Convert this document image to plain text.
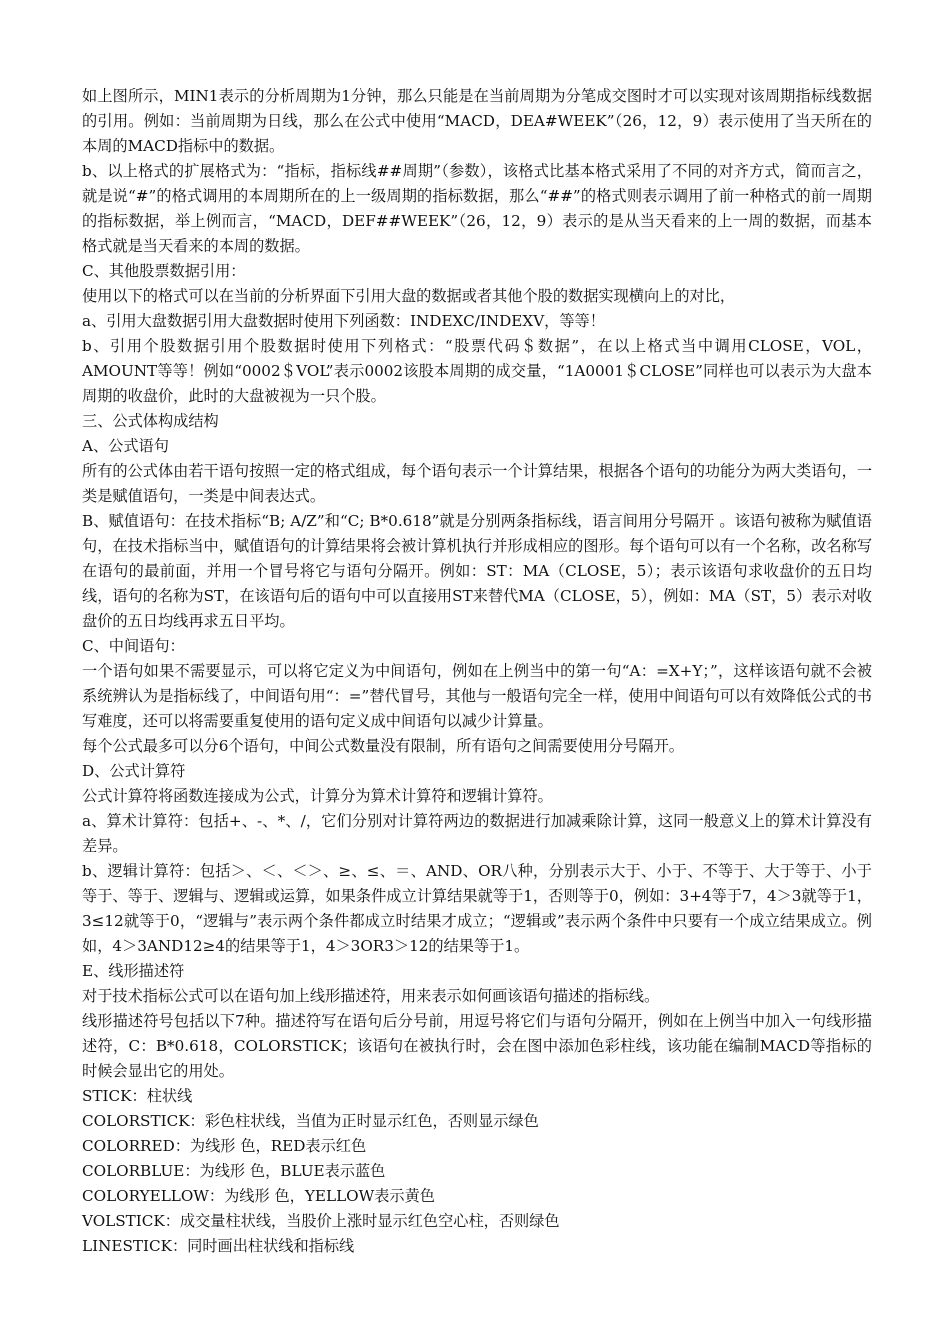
如上图所示，MIN1表示的分析周期为1分钟，那么只能是在当前周期为分笔成交图时才可以实现对该周期指标线数据的引用。例如：当前周期为日线，那么在公式中使用“MACD，DEA#WEEK”（26，12，9）表示使用了当天所在的本周的MACD指标中的数据。

b、以上格式的扩展格式为：“指标，指标线##周期”（参数），该格式比基本格式采用了不同的对齐方式，简而言之，就是说“#”的格式调用的本周期所在的上一级周期的指标数据，那么“##”的格式则表示调用了前一种格式的前一周期的指标数据，举上例而言，“MACD，DEF##WEEK”（26，12，9）表示的是从当天看来的上一周的数据，而基本格式就是当天看来的本周的数据。

C、其他股票数据引用：

使用以下的格式可以在当前的分析界面下引用大盘的数据或者其他个股的数据实现横向上的对比，

a、引用大盘数据引用大盘数据时使用下列函数：INDEXC/INDEXV，等等！

b、引用个股数据引用个股数据时使用下列格式：“股票代码＄数据”，在以上格式当中调用CLOSE，VOL，AMOUNT等等！例如“0002＄VOL”表示0002该股本周期的成交量，“1A0001＄CLOSE”同样也可以表示为大盘本周期的收盘价，此时的大盘被视为一只个股。

三、公式体构成结构

A、公式语句

所有的公式体由若干语句按照一定的格式组成，每个语句表示一个计算结果，根据各个语句的功能分为两大类语句，一类是赋值语句，一类是中间表达式。

B、赋值语句：在技术指标“B; A/Z”和“C; B*0.618”就是分别两条指标线，语言间用分号隔开 。该语句被称为赋值语句，在技术指标当中，赋值语句的计算结果将会被计算机执行并形成相应的图形。每个语句可以有一个名称，改名称写在语句的最前面，并用一个冒号将它与语句分隔开。例如：ST：MA（CLOSE，5）；表示该语句求收盘价的五日均线，语句的名称为ST，在该语句后的语句中可以直接用ST来替代MA（CLOSE，5），例如：MA（ST，5）表示对收盘价的五日均线再求五日平均。

C、中间语句：

一个语句如果不需要显示，可以将它定义为中间语句，例如在上例当中的第一句“A：=X+Y；”，这样该语句就不会被系统辨认为是指标线了，中间语句用“：=”替代冒号，其他与一般语句完全一样，使用中间语句可以有效降低公式的书写难度，还可以将需要重复使用的语句定义成中间语句以减少计算量。

每个公式最多可以分6个语句，中间公式数量没有限制，所有语句之间需要使用分号隔开。

D、公式计算符

公式计算符将函数连接成为公式，计算分为算术计算符和逻辑计算符。

a、算术计算符：包括+、-、*、/，它们分别对计算符两边的数据进行加减乘除计算，这同一般意义上的算术计算没有差异。

b、逻辑计算符：包括＞、＜、＜＞、≥、≤、＝、AND、OR八种，分别表示大于、小于、不等于、大于等于、小于等于、等于、逻辑与、逻辑或运算，如果条件成立计算结果就等于1，否则等于0，例如：3+4等于7，4＞3就等于1，3≤12就等于0，“逻辑与”表示两个条件都成立时结果才成立；“逻辑或”表示两个条件中只要有一个成立结果成立。例如，4＞3AND12≥4的结果等于1，4＞3OR3＞12的结果等于1。

E、线形描述符

对于技术指标公式可以在语句加上线形描述符，用来表示如何画该语句描述的指标线。

线形描述符号包括以下7种。描述符写在语句后分号前，用逗号将它们与语句分隔开，例如在上例当中加入一句线形描述符，C：B*0.618，COLORSTICK；该语句在被执行时，会在图中添加色彩柱线，该功能在编制MACD等指标的时候会显出它的用处。

STICK：柱状线

COLORSTICK：彩色柱状线，当值为正时显示红色，否则显示绿色

COLORRED：为线形 色，RED表示红色

COLORBLUE：为线形 色，BLUE表示蓝色

COLORYELLOW：为线形 色，YELLOW表示黄色

VOLSTICK：成交量柱状线，当股价上涨时显示红色空心柱，否则绿色

LINESTICK：同时画出柱状线和指标线
